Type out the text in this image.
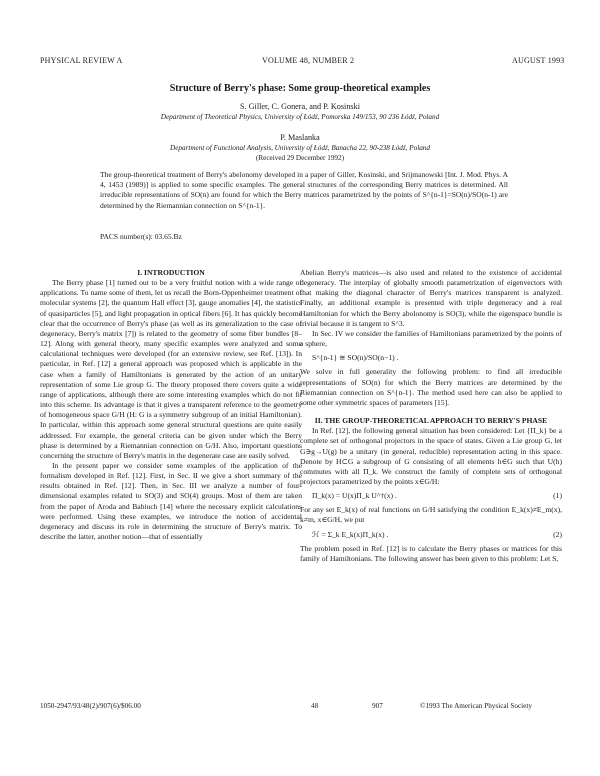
PHYSICAL REVIEW A	VOLUME 48, NUMBER 2	AUGUST 1993
Structure of Berry's phase: Some group-theoretical examples
S. Giller, C. Gonera, and P. Kosinski
Department of Theoretical Physics, University of Łódź, Pomorska 149/153, 90 236 Łódź, Poland
P. Maslanka
Department of Functional Analysis, University of Łódź, Banacha 22, 90-238 Łódź, Poland
(Received 29 December 1992)
The group-theoretical treatment of Berry's abelonomy developed in a paper of Giller, Kosinski, and Srijmanowski [Int. J. Mod. Phys. A 4, 1453 (1989)] is applied to some specific examples. The general structures of the corresponding Berry matrices is determined. All irreducible representations of SO(n) are found for which the Berry matrices parametrized by the points of S^{n-1}=SO(n)/SO(n-1) are determined by the Riemannian connection on S^{n-1}.
PACS number(s): 03.65.Bz

I. INTRODUCTION

The Berry phase [1] turned out to be a very fruitful notion with a wide range of applications. To name some of them, let us recall the Born-Oppenheimer treatment of molecular systems [2], the quantum Hall effect [3], gauge anomalies [4], the statistics of quasiparticles [5], and light propagation in optical fibers [6]. It has quickly become clear that the occurrence of Berry's phase (as well as its generalization to the case of degeneracy, Berry's matrix [7]) is related to the geometry of some fiber bundles [8–12]. Along with general theory, many specific examples were analyzed and some calculational techniques were developed (for an extensive review, see Ref. [13]). In particular, in Ref. [12] a general approach was proposed which is applicable in the case when a family of Hamiltonians is generated by the action of an unitary representation of some Lie group G. The theory proposed there covers quite a wide range of applications, although there are some interesting examples which do not fit into this scheme. Its advantage is that it gives a transparent reference to the geometry of homogeneous space G/H (H: G is a symmetry subgroup of an initial Hamiltonian). In particular, within this approach some general structural questions are quite easily addressed. For example, the general criteria can be given under which the Berry phase is determined by a Riemannian connection on G/H. Also, important questions concerning the structure of Berry's matrix in the degenerate case are easily solved.

In the present paper we consider some examples of the application of the formalism developed in Ref. [12]. First, in Sec. II we give a short summary of the results obtained in Ref. [12]. Then, in Sec. III we analyze a number of four-dimensional examples related to SO(3) and SO(4) groups. Most of them are taken from the paper of Aroda and Babiuch [14] where the necessary explicit calculations were performed. Using these examples, we introduce the notion of accidental degeneracy and discuss its role in determining the structure of Berry's matrix. To describe the latter, another notion—that of essentially

Abelian Berry's matrices—is also used and related to the existence of accidental degeneracy. The interplay of globally smooth parametrization of eigenvectors with that making the diagonal character of Berry's matrices transparent is analyzed. Finally, an additional example is presented with triple degeneracy and a real Hamiltonian for which the Berry abolonomy is SO(3), while the eigenspace bundle is trivial because it is tangent to S^3.

In Sec. IV we consider the families of Hamiltonians parametrized by the points of a sphere,

S^{n-1} ≅ SO(n)/SO(n−1) .

We solve in full generality the following problem: to find all irreducible representations of SO(n) for which the Berry matrices are determined by the Riemannian connection on S^{n-1}. The method used here can also be applied to some other symmetric spaces of parameters [15].

II. THE GROUP-THEORETICAL APPROACH TO BERRY'S PHASE

In Ref. [12], the following general situation has been considered: Let {Π_k} be a complete set of orthogonal projectors in the space of states. Given a Lie group G, let G∋g→U(g) be a unitary (in general, reducible) representation acting in this space. Denote by H⊂G a subgroup of G consisting of all elements h∈G such that U(h) commutes with all Π_k. We construct the family of complete sets of orthogonal projectors parametrized by the points x∈G/H:

Π_k(x) = U(x)Π_k U^†(x) .	(1)

For any set E_k(x) of real functions on G/H satisfying the condition E_k(x)≠E_m(x), k≠m, x∈G/H, we put

ℋ = Σ_k E_k(x)Π_k(x) .	(2)

The problem posed in Ref. [12] is to calculate the Berry phases or matrices for this family of Hamiltonians. The following answer has been given to this problem: Let S,

1050-2947/93/48(2)/907(6)/$06.00	48	907	©1993 The American Physical Society
